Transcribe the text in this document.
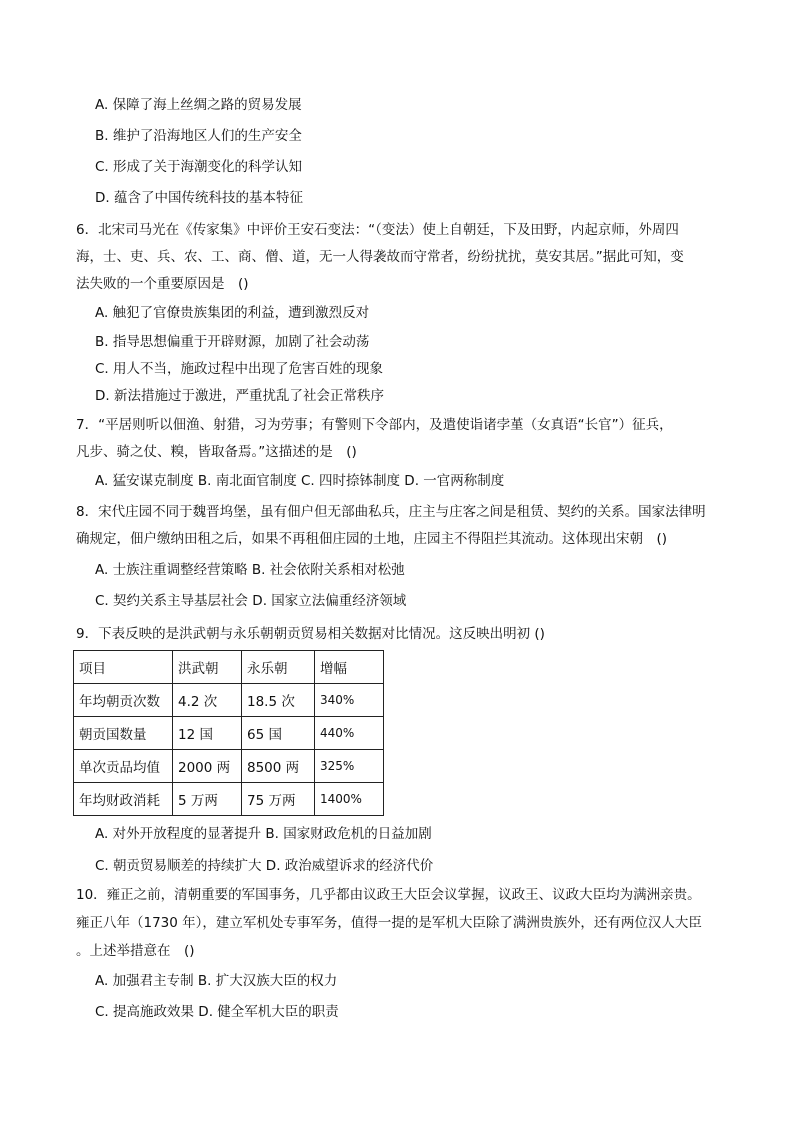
A. 保障了海上丝绸之路的贸易发展
B. 维护了沿海地区人们的生产安全
C. 形成了关于海潮变化的科学认知
D. 蕴含了中国传统科技的基本特征
6．北宋司马光在《传家集》中评价王安石变法：“（变法）使上自朝廷，下及田野，内起京师，外周四
海，士、吏、兵、农、工、商、僧、道，无一人得袭故而守常者，纷纷扰扰，莫安其居。”据此可知，变
法失败的一个重要原因是　()
A. 触犯了官僚贵族集团的利益，遭到激烈反对
B. 指导思想偏重于开辟财源，加剧了社会动荡
C. 用人不当，施政过程中出现了危害百姓的现象
D. 新法措施过于激进，严重扰乱了社会正常秩序
7．“平居则听以佃渔、射猎，习为劳事；有警则下令部内，及遣使诣诸孛堇（女真语“长官”）征兵，
凡步、骑之仗、糗，皆取备焉。”这描述的是　()
A. 猛安谋克制度 B. 南北面官制度 C. 四时捺钵制度 D. 一官两称制度
8．宋代庄园不同于魏晋坞堡，虽有佃户但无部曲私兵，庄主与庄客之间是租赁、契约的关系。国家法律明
确规定，佃户缴纳田租之后，如果不再租佃庄园的土地，庄园主不得阻拦其流动。这体现出宋朝　()
A. 士族注重调整经营策略 B. 社会依附关系相对松弛
C. 契约关系主导基层社会 D. 国家立法偏重经济领域
9．下表反映的是洪武朝与永乐朝朝贡贸易相关数据对比情况。这反映出明初 ()
项目	洪武朝	永乐朝	增幅
年均朝贡次数	4.2 次	18.5 次	340%
朝贡国数量	12 国	65 国	440%
单次贡品均值	2000 两	8500 两	325%
年均财政消耗	5 万两	75 万两	1400%
A. 对外开放程度的显著提升 B. 国家财政危机的日益加剧
C. 朝贡贸易顺差的持续扩大 D. 政治威望诉求的经济代价
10．雍正之前，清朝重要的军国事务，几乎都由议政王大臣会议掌握，议政王、议政大臣均为满洲亲贵。
雍正八年（1730 年），建立军机处专事军务，值得一提的是军机大臣除了满洲贵族外，还有两位汉人大臣
。上述举措意在　()
A. 加强君主专制 B. 扩大汉族大臣的权力
C. 提高施政效果 D. 健全军机大臣的职责
